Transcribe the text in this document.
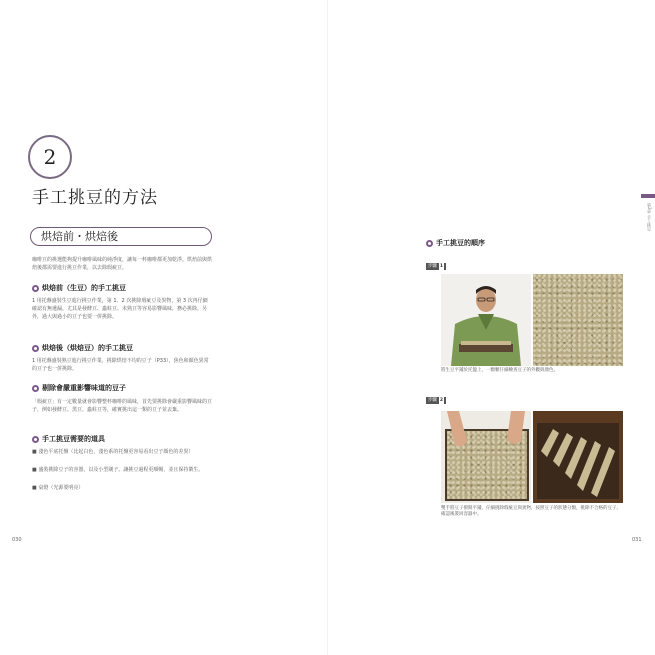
2
手工挑豆的方法
烘焙前・烘焙後
咖啡豆的挑選能夠提升咖啡風味的純淨度，讓每一杯咖啡都更加乾淨。烘焙前與烘焙後都需要進行挑豆作業，以去除瑕疵豆。
烘焙前（生豆）的手工挑豆
1 用托盤盛裝生豆進行挑豆作業，第 1、2 次挑除瑕疵豆及異物，第 3 次再仔細確認有無遺漏。尤其是發酵豆、蟲蛀豆、未熟豆等容易影響風味，務必挑除。另外，過大與過小的豆子也要一併挑除。
烘焙後（烘焙豆）的手工挑豆
1 用托盤盛裝熟豆進行挑豆作業，挑除烘焙不均的豆子（P33），焦色和顏色異常的豆子也一併挑除。
剔除會嚴重影響味道的豆子
「瑕疵豆」有一定數量就會影響整杯咖啡的風味，首先要挑除會嚴重影響風味的豆子，例如發酵豆、黑豆、蟲蛀豆等，確實挑出這一類的豆子並丟棄。
手工挑豆需要的道具
■ 淺色平底托盤（比起白色，淺色系的托盤更容易看出豆子顏色的差異）
■ 盛裝挑除豆子的容器，以及小型刷子。讓挑豆過程更順暢，並且保持衛生。
■ 桌燈（光源要明亮）
030
第2章 手工挑豆
手工挑豆的順序
步驟 1
將生豆平鋪於托盤上，一顆顆仔細檢查豆子的外觀與顏色。
步驟 2
雙手將豆子撥開平鋪，仔細挑除瑕疵豆與異物，按照豆子的狀態分類，挑除不合格的豆子。確認後裝回容器中。
031
